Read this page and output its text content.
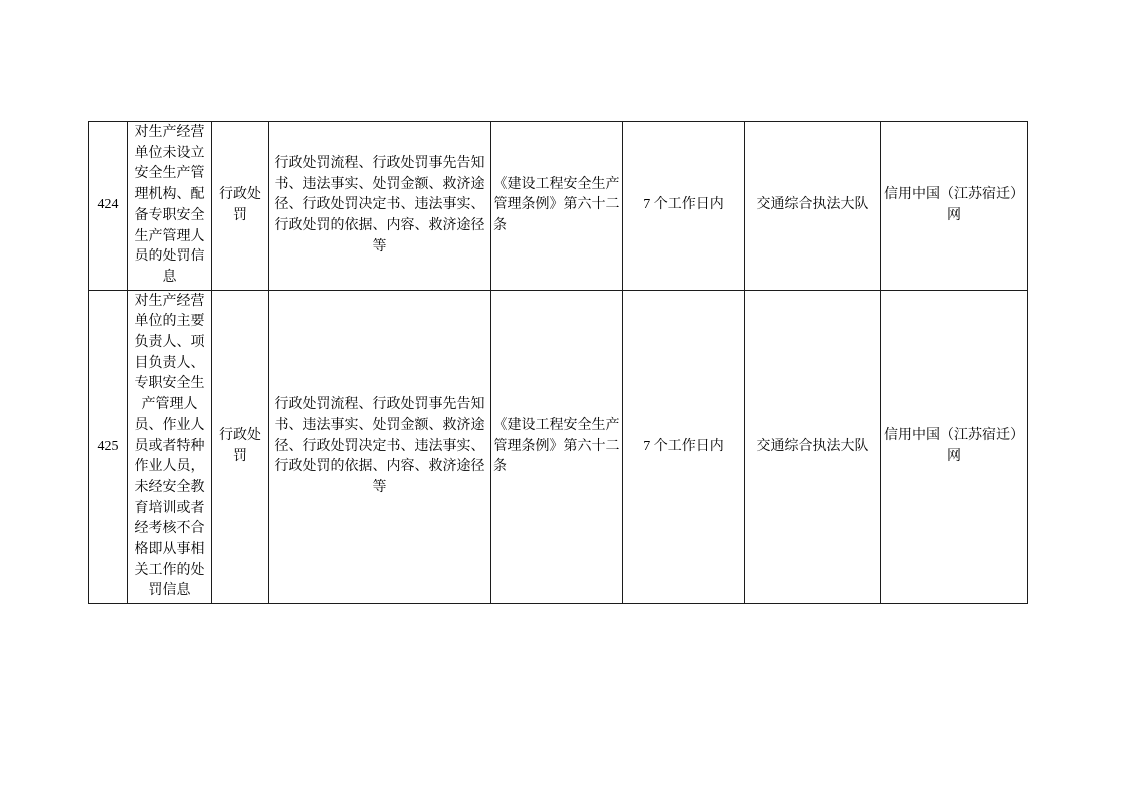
424	对生产经营单位未设立安全生产管理机构、配备专职安全生产管理人员的处罚信息	行政处罚	行政处罚流程、行政处罚事先告知书、违法事实、处罚金额、救济途径、行政处罚决定书、违法事实、行政处罚的依据、内容、救济途径等	《建设工程安全生产管理条例》第六十二条	7 个工作日内	交通综合执法大队	信用中国（江苏宿迁）网
425	对生产经营单位的主要负责人、项目负责人、专职安全生产管理人员、作业人员或者特种作业人员，未经安全教育培训或者经考核不合格即从事相关工作的处罚信息	行政处罚	行政处罚流程、行政处罚事先告知书、违法事实、处罚金额、救济途径、行政处罚决定书、违法事实、行政处罚的依据、内容、救济途径等	《建设工程安全生产管理条例》第六十二条	7 个工作日内	交通综合执法大队	信用中国（江苏宿迁）网
